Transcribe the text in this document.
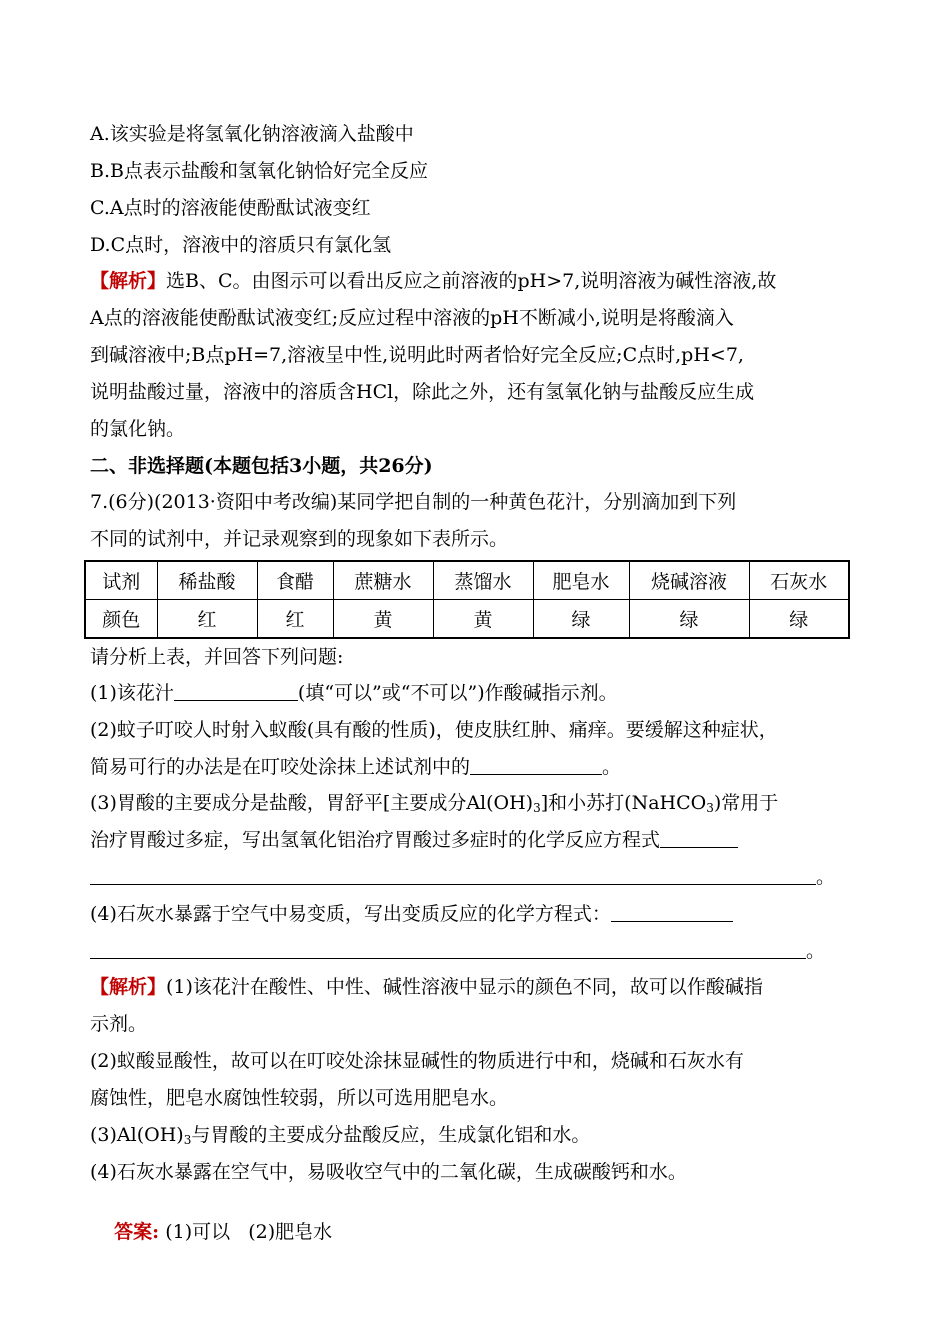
A.该实验是将氢氧化钠溶液滴入盐酸中
B.B点表示盐酸和氢氧化钠恰好完全反应
C.A点时的溶液能使酚酞试液变红
D.C点时，溶液中的溶质只有氯化氢
【解析】选B、C。由图示可以看出反应之前溶液的pH>7,说明溶液为碱性溶液,故
A点的溶液能使酚酞试液变红;反应过程中溶液的pH不断减小,说明是将酸滴入
到碱溶液中;B点pH=7,溶液呈中性,说明此时两者恰好完全反应;C点时,pH<7,
说明盐酸过量，溶液中的溶质含HCl，除此之外，还有氢氧化钠与盐酸反应生成
的氯化钠。
二、非选择题(本题包括3小题，共26分)
7.(6分)(2013·资阳中考改编)某同学把自制的一种黄色花汁，分别滴加到下列
不同的试剂中，并记录观察到的现象如下表所示。
试剂	稀盐酸	食醋	蔗糖水	蒸馏水	肥皂水	烧碱溶液	石灰水
颜色	红	红	黄	黄	绿	绿	绿
请分析上表，并回答下列问题:
(1)该花汁	(填“可以”或“不可以”)作酸碱指示剂。
(2)蚊子叮咬人时射入蚁酸(具有酸的性质)，使皮肤红肿、痛痒。要缓解这种症状，
简易可行的办法是在叮咬处涂抹上述试剂中的	。
(3)胃酸的主要成分是盐酸，胃舒平[主要成分$Al(OH)_3$]和小苏打(NaHCO$_3$)常用于
治疗胃酸过多症，写出氢氧化铝治疗胃酸过多症时的化学反应方程式
。
(4)石灰水暴露于空气中易变质，写出变质反应的化学方程式：
。
【解析】(1)该花汁在酸性、中性、碱性溶液中显示的颜色不同，故可以作酸碱指
示剂。
(2)蚁酸显酸性，故可以在叮咬处涂抹显碱性的物质进行中和，烧碱和石灰水有
腐蚀性，肥皂水腐蚀性较弱，所以可选用肥皂水。
$(3)Al(OH)_3$与胃酸的主要成分盐酸反应，生成氯化铝和水。
(4)石灰水暴露在空气中，易吸收空气中的二氧化碳，生成碳酸钙和水。

答案: (1)可以   (2)肥皂水
